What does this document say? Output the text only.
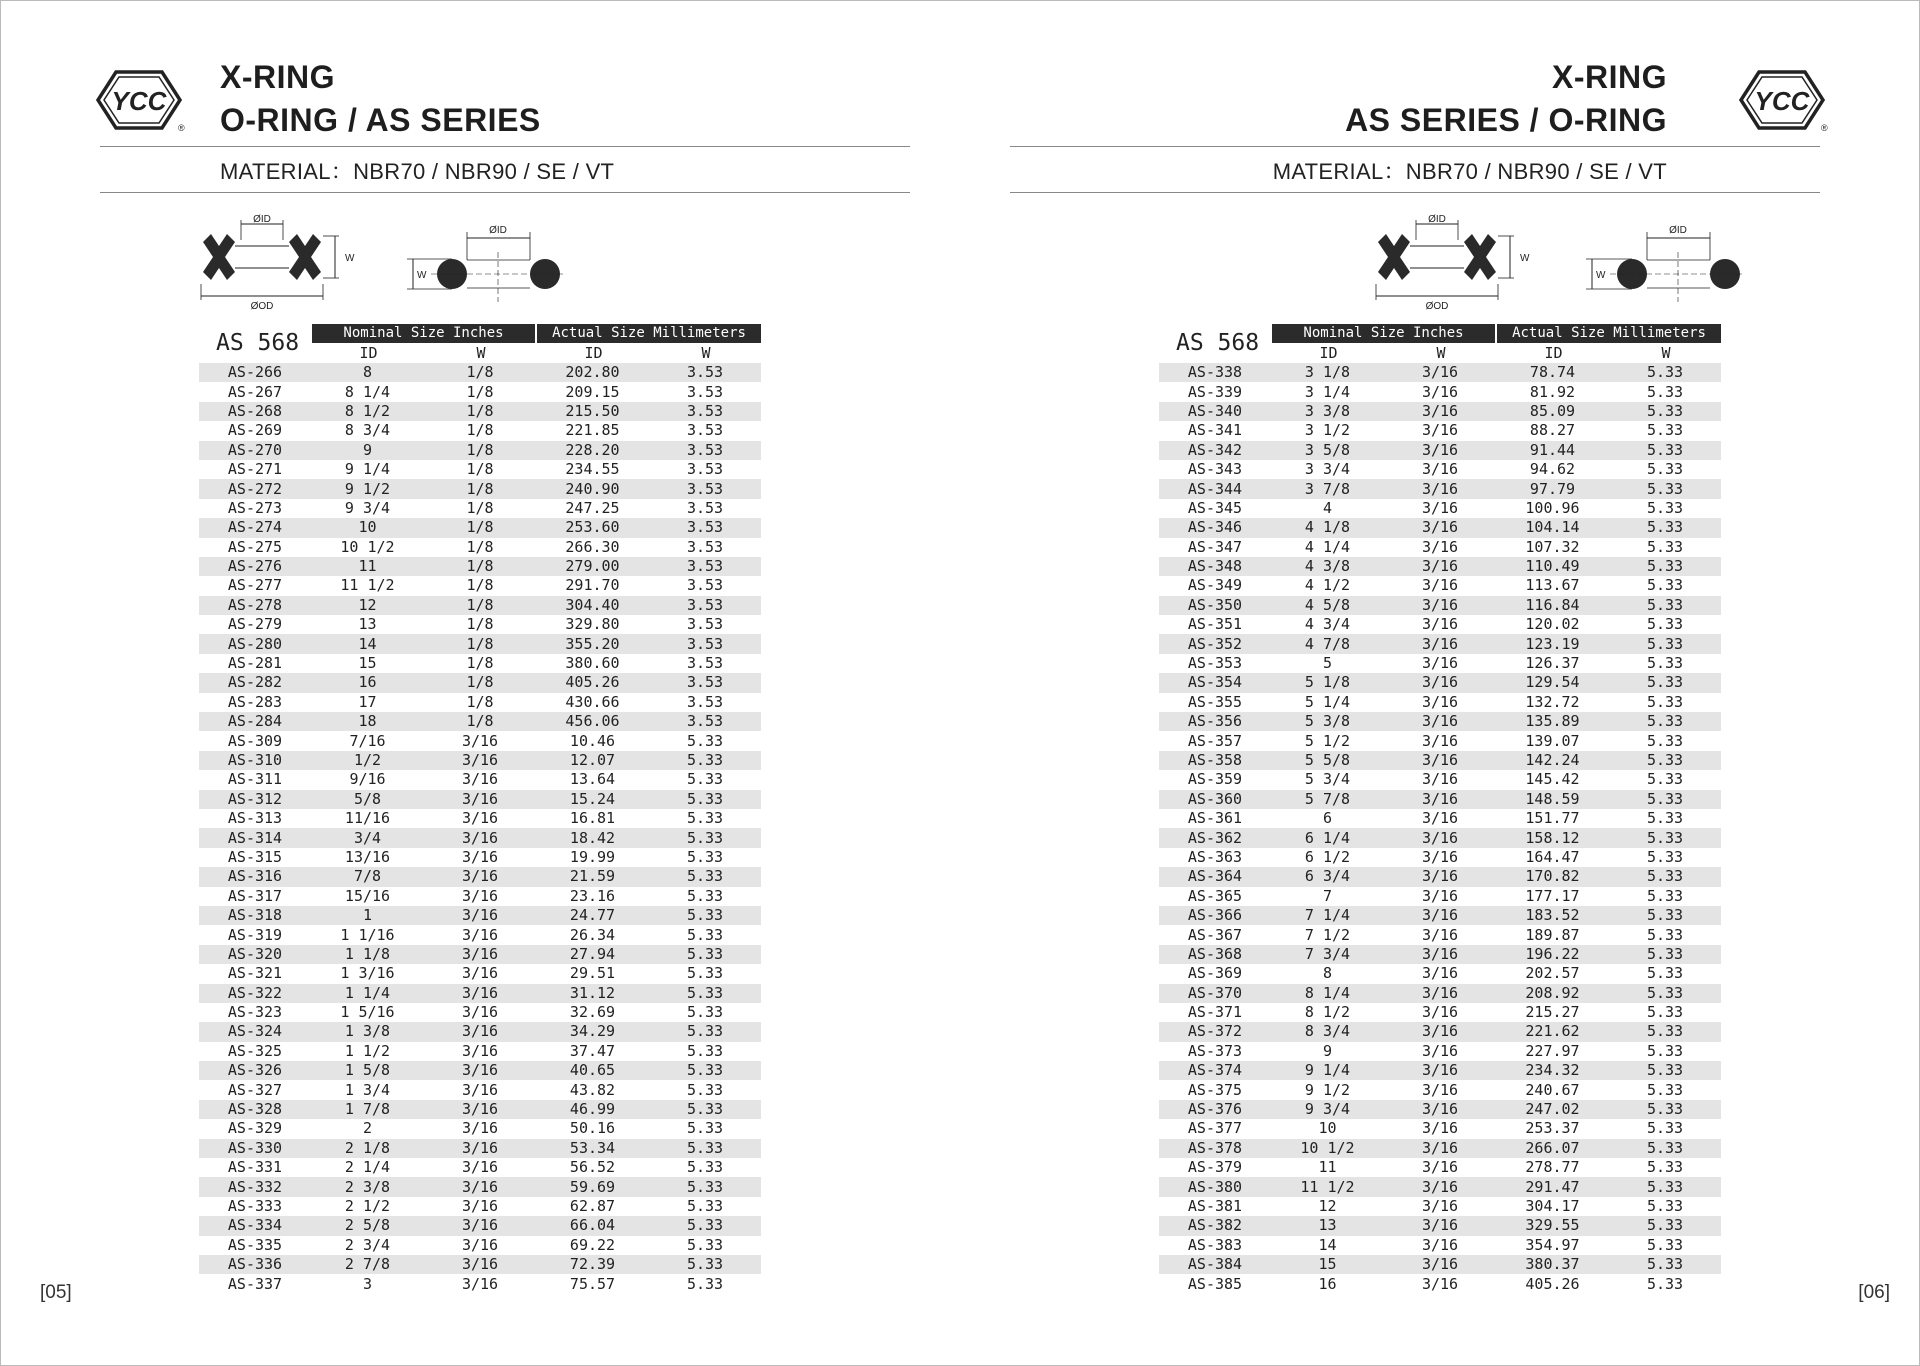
YCC
®
X-RING
O-RING / AS SERIES
MATERIAL：NBR70 / NBR90 / SE / VT
ØID
ØOD
W
ØID
W
AS 568	Nominal Size Inches	Actual Size Millimeters
ID	W	ID	W
AS-266	8	1/8	202.80	3.53
AS-267	8 1/4	1/8	209.15	3.53
AS-268	8 1/2	1/8	215.50	3.53
AS-269	8 3/4	1/8	221.85	3.53
AS-270	9	1/8	228.20	3.53
AS-271	9 1/4	1/8	234.55	3.53
AS-272	9 1/2	1/8	240.90	3.53
AS-273	9 3/4	1/8	247.25	3.53
AS-274	10	1/8	253.60	3.53
AS-275	10 1/2	1/8	266.30	3.53
AS-276	11	1/8	279.00	3.53
AS-277	11 1/2	1/8	291.70	3.53
AS-278	12	1/8	304.40	3.53
AS-279	13	1/8	329.80	3.53
AS-280	14	1/8	355.20	3.53
AS-281	15	1/8	380.60	3.53
AS-282	16	1/8	405.26	3.53
AS-283	17	1/8	430.66	3.53
AS-284	18	1/8	456.06	3.53
AS-309	7/16	3/16	10.46	5.33
AS-310	1/2	3/16	12.07	5.33
AS-311	9/16	3/16	13.64	5.33
AS-312	5/8	3/16	15.24	5.33
AS-313	11/16	3/16	16.81	5.33
AS-314	3/4	3/16	18.42	5.33
AS-315	13/16	3/16	19.99	5.33
AS-316	7/8	3/16	21.59	5.33
AS-317	15/16	3/16	23.16	5.33
AS-318	1	3/16	24.77	5.33
AS-319	1 1/16	3/16	26.34	5.33
AS-320	1 1/8	3/16	27.94	5.33
AS-321	1 3/16	3/16	29.51	5.33
AS-322	1 1/4	3/16	31.12	5.33
AS-323	1 5/16	3/16	32.69	5.33
AS-324	1 3/8	3/16	34.29	5.33
AS-325	1 1/2	3/16	37.47	5.33
AS-326	1 5/8	3/16	40.65	5.33
AS-327	1 3/4	3/16	43.82	5.33
AS-328	1 7/8	3/16	46.99	5.33
AS-329	2	3/16	50.16	5.33
AS-330	2 1/8	3/16	53.34	5.33
AS-331	2 1/4	3/16	56.52	5.33
AS-332	2 3/8	3/16	59.69	5.33
AS-333	2 1/2	3/16	62.87	5.33
AS-334	2 5/8	3/16	66.04	5.33
AS-335	2 3/4	3/16	69.22	5.33
AS-336	2 7/8	3/16	72.39	5.33
AS-337	3	3/16	75.57	5.33
[05]
YCC
®
X-RING
AS SERIES / O-RING
MATERIAL：NBR70 / NBR90 / SE / VT
ØID
ØOD
W
ØID
W
AS 568	Nominal Size Inches	Actual Size Millimeters
ID	W	ID	W
AS-338	3 1/8	3/16	78.74	5.33
AS-339	3 1/4	3/16	81.92	5.33
AS-340	3 3/8	3/16	85.09	5.33
AS-341	3 1/2	3/16	88.27	5.33
AS-342	3 5/8	3/16	91.44	5.33
AS-343	3 3/4	3/16	94.62	5.33
AS-344	3 7/8	3/16	97.79	5.33
AS-345	4	3/16	100.96	5.33
AS-346	4 1/8	3/16	104.14	5.33
AS-347	4 1/4	3/16	107.32	5.33
AS-348	4 3/8	3/16	110.49	5.33
AS-349	4 1/2	3/16	113.67	5.33
AS-350	4 5/8	3/16	116.84	5.33
AS-351	4 3/4	3/16	120.02	5.33
AS-352	4 7/8	3/16	123.19	5.33
AS-353	5	3/16	126.37	5.33
AS-354	5 1/8	3/16	129.54	5.33
AS-355	5 1/4	3/16	132.72	5.33
AS-356	5 3/8	3/16	135.89	5.33
AS-357	5 1/2	3/16	139.07	5.33
AS-358	5 5/8	3/16	142.24	5.33
AS-359	5 3/4	3/16	145.42	5.33
AS-360	5 7/8	3/16	148.59	5.33
AS-361	6	3/16	151.77	5.33
AS-362	6 1/4	3/16	158.12	5.33
AS-363	6 1/2	3/16	164.47	5.33
AS-364	6 3/4	3/16	170.82	5.33
AS-365	7	3/16	177.17	5.33
AS-366	7 1/4	3/16	183.52	5.33
AS-367	7 1/2	3/16	189.87	5.33
AS-368	7 3/4	3/16	196.22	5.33
AS-369	8	3/16	202.57	5.33
AS-370	8 1/4	3/16	208.92	5.33
AS-371	8 1/2	3/16	215.27	5.33
AS-372	8 3/4	3/16	221.62	5.33
AS-373	9	3/16	227.97	5.33
AS-374	9 1/4	3/16	234.32	5.33
AS-375	9 1/2	3/16	240.67	5.33
AS-376	9 3/4	3/16	247.02	5.33
AS-377	10	3/16	253.37	5.33
AS-378	10 1/2	3/16	266.07	5.33
AS-379	11	3/16	278.77	5.33
AS-380	11 1/2	3/16	291.47	5.33
AS-381	12	3/16	304.17	5.33
AS-382	13	3/16	329.55	5.33
AS-383	14	3/16	354.97	5.33
AS-384	15	3/16	380.37	5.33
AS-385	16	3/16	405.26	5.33	[06]
